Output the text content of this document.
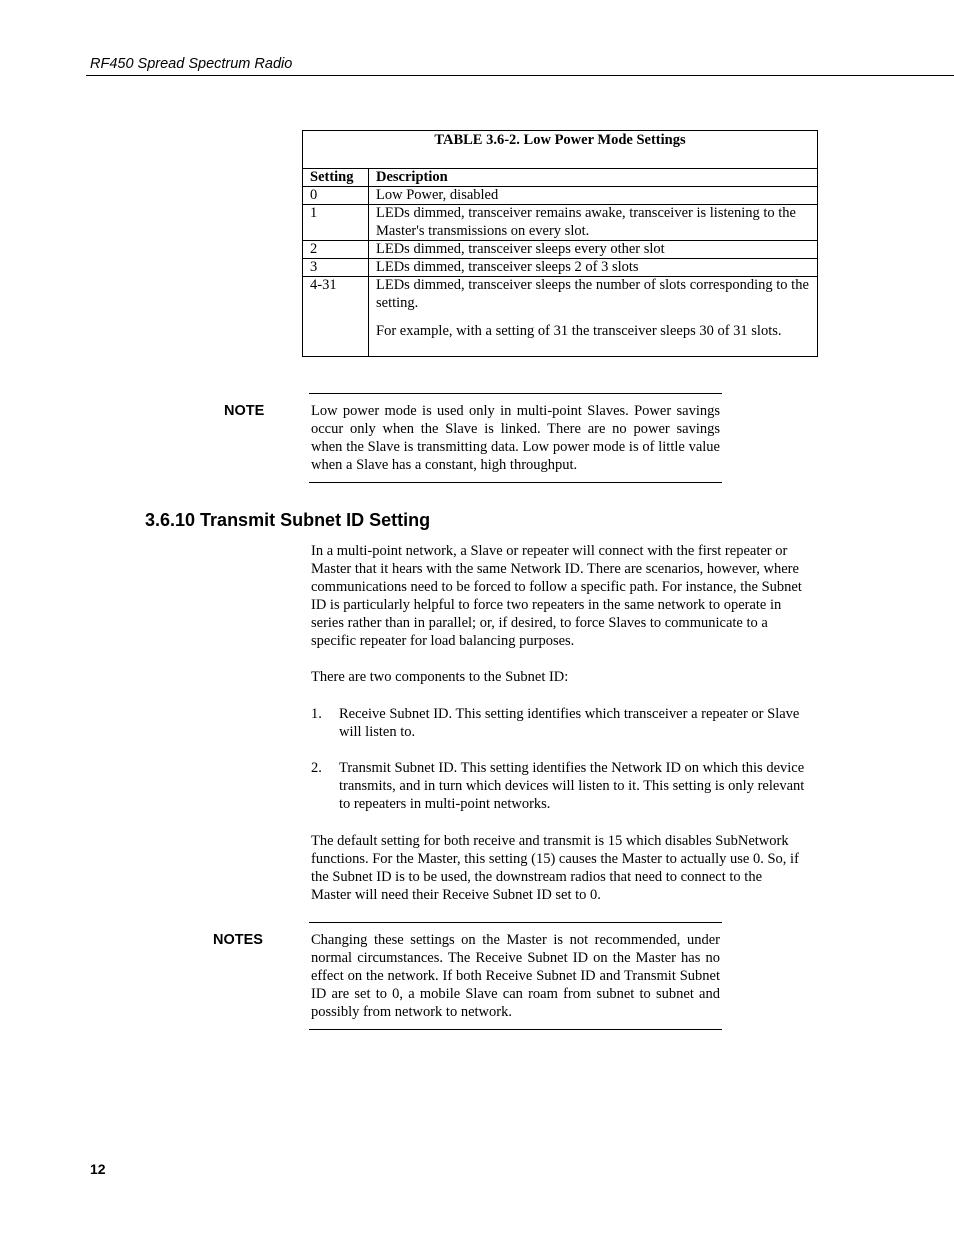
RF450 Spread Spectrum Radio
TABLE 3.6-2. Low Power Mode Settings
Setting Description
0	Low Power, disabled
1	LEDs dimmed, transceiver remains awake, transceiver is listening to the Master's transmissions on every slot.
2	LEDs dimmed, transceiver sleeps every other slot
3	LEDs dimmed, transceiver sleeps 2 of 3 slots
4-31	LEDs dimmed, transceiver sleeps the number of slots corresponding to the setting.
For example, with a setting of 31 the transceiver sleeps 30 of 31 slots.
NOTE	Low power mode is used only in multi-point Slaves. Power savings occur only when the Slave is linked. There are no power savings when the Slave is transmitting data. Low power mode is of little value when a Slave has a constant, high throughput.
3.6.10 Transmit Subnet ID Setting
In a multi-point network, a Slave or repeater will connect with the first repeater or Master that it hears with the same Network ID. There are scenarios, however, where communications need to be forced to follow a specific path. For instance, the Subnet ID is particularly helpful to force two repeaters in the same network to operate in series rather than in parallel; or, if desired, to force Slaves to communicate to a specific repeater for load balancing purposes.
There are two components to the Subnet ID:
1. Receive Subnet ID. This setting identifies which transceiver a repeater or Slave will listen to.
2. Transmit Subnet ID. This setting identifies the Network ID on which this device transmits, and in turn which devices will listen to it. This setting is only relevant to repeaters in multi-point networks.
The default setting for both receive and transmit is 15 which disables SubNetwork functions. For the Master, this setting (15) causes the Master to actually use 0. So, if the Subnet ID is to be used, the downstream radios that need to connect to the Master will need their Receive Subnet ID set to 0.
NOTES	Changing these settings on the Master is not recommended, under normal circumstances. The Receive Subnet ID on the Master has no effect on the network. If both Receive Subnet ID and Transmit Subnet ID are set to 0, a mobile Slave can roam from subnet to subnet and possibly from network to network.
12
